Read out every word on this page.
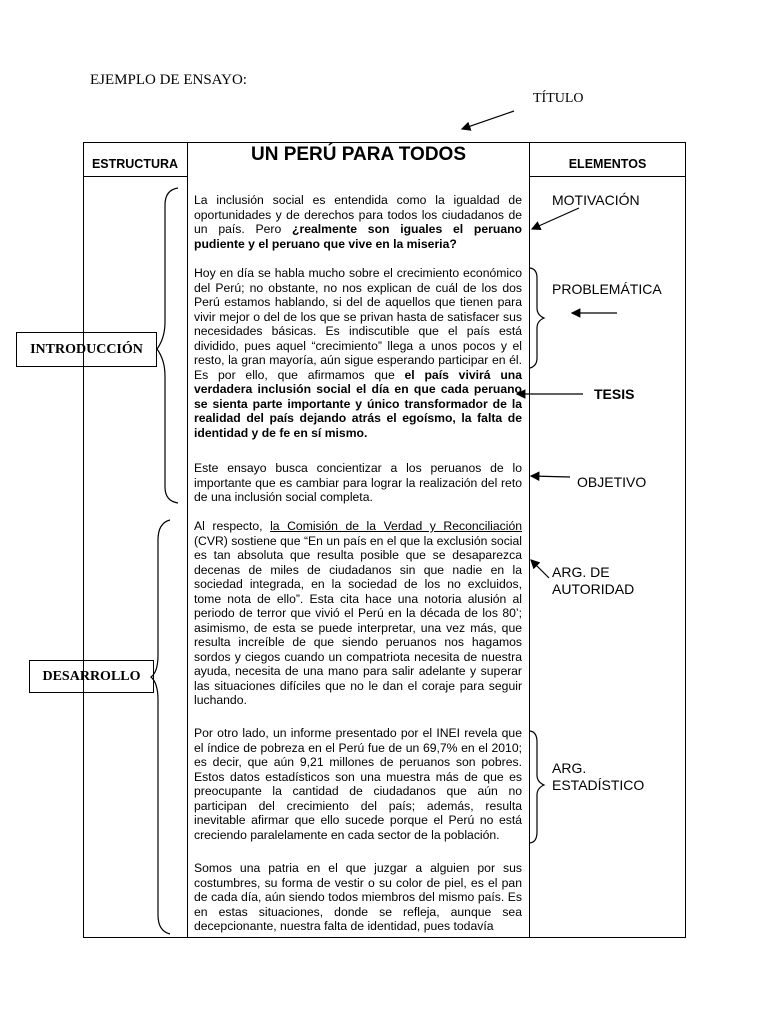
EJEMPLO DE ENSAYO:
TÍTULO
ESTRUCTURA	UN PERÚ PARA TODOS	ELEMENTOS
INTRODUCCIÓN
DESARROLLO
La inclusión social es entendida como la igualdad de oportunidades y de derechos para todos los ciudadanos de un país. Pero ¿realmente son iguales el peruano pudiente y el peruano que vive en la miseria?
Hoy en día se habla mucho sobre el crecimiento económico del Perú; no obstante, no nos explican de cuál de los dos Perú estamos hablando, si del de aquellos que tienen para vivir mejor o del de los que se privan hasta de satisfacer sus necesidades básicas. Es indiscutible que el país está dividido, pues aquel “crecimiento” llega a unos pocos y el resto, la gran mayoría, aún sigue esperando participar en él. Es por ello, que afirmamos que el país vivirá una verdadera inclusión social el día en que cada peruano se sienta parte importante y único transformador de la realidad del país dejando atrás el egoísmo, la falta de identidad y de fe en sí mismo.
Este ensayo busca concientizar a los peruanos de lo importante que es cambiar para lograr la realización del reto de una inclusión social completa.
Al respecto, la Comisión de la Verdad y Reconciliación (CVR) sostiene que “En un país en el que la exclusión social es tan absoluta que resulta posible que se desaparezca decenas de miles de ciudadanos sin que nadie en la sociedad integrada, en la sociedad de los no excluidos, tome nota de ello”. Esta cita hace una notoria alusión al periodo de terror que vivió el Perú en la década de los 80’; asimismo, de esta se puede interpretar, una vez más, que resulta increíble de que siendo peruanos nos hagamos sordos y ciegos cuando un compatriota necesita de nuestra ayuda, necesita de una mano para salir adelante y superar las situaciones difíciles que no le dan el coraje para seguir luchando.
Por otro lado, un informe presentado por el INEI revela que el índice de pobreza en el Perú fue de un 69,7% en el 2010; es decir, que aún 9,21 millones de peruanos son pobres. Estos datos estadísticos son una muestra más de que es preocupante la cantidad de ciudadanos que aún no participan del crecimiento del país; además, resulta inevitable afirmar que ello sucede porque el Perú no está creciendo paralelamente en cada sector de la población.
Somos una patria en el que juzgar a alguien por sus costumbres, su forma de vestir o su color de piel, es el pan de cada día, aún siendo todos miembros del mismo país. Es en estas situaciones, donde se refleja, aunque sea decepcionante, nuestra falta de identidad, pues todavía
MOTIVACIÓN
PROBLEMÁTICA
TESIS
OBJETIVO
ARG. DE
AUTORIDAD
ARG.
ESTADÍSTICO
